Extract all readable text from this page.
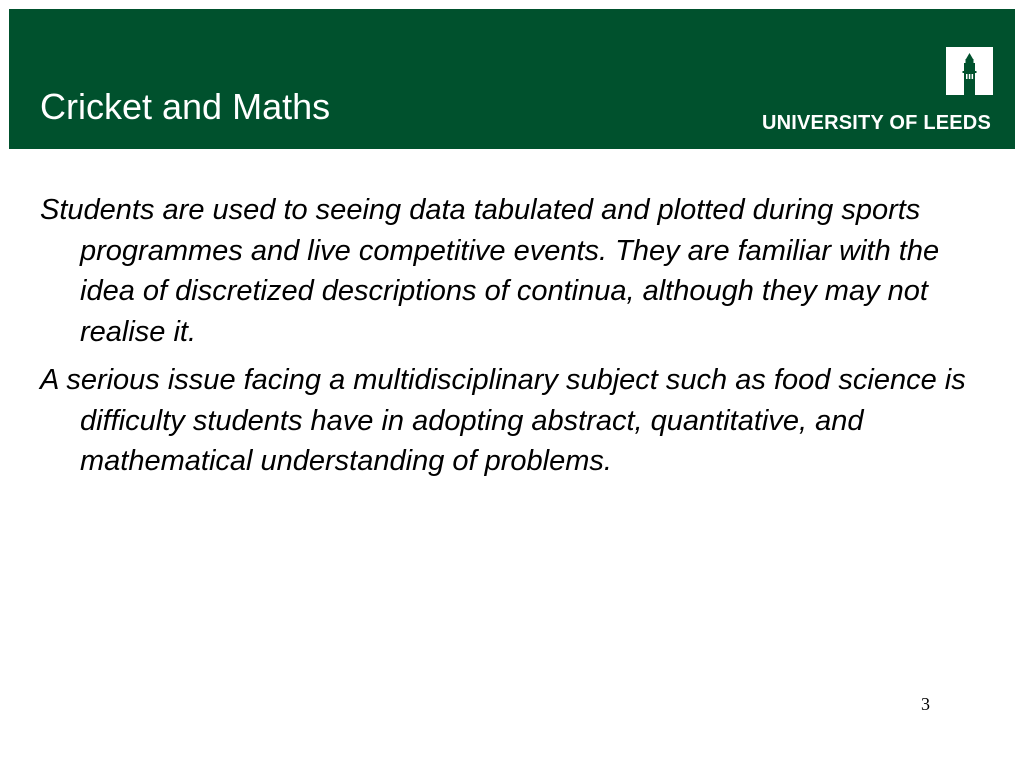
Cricket and Maths	UNIVERSITY OF LEEDS

Students are used to seeing data tabulated and plotted during sports programmes and live competitive events. They are familiar with the idea of discretized descriptions of continua, although they may not realise it.

A serious issue facing a multidisciplinary subject such as food science is difficulty students have in adopting abstract, quantitative, and mathematical understanding of problems.

3
